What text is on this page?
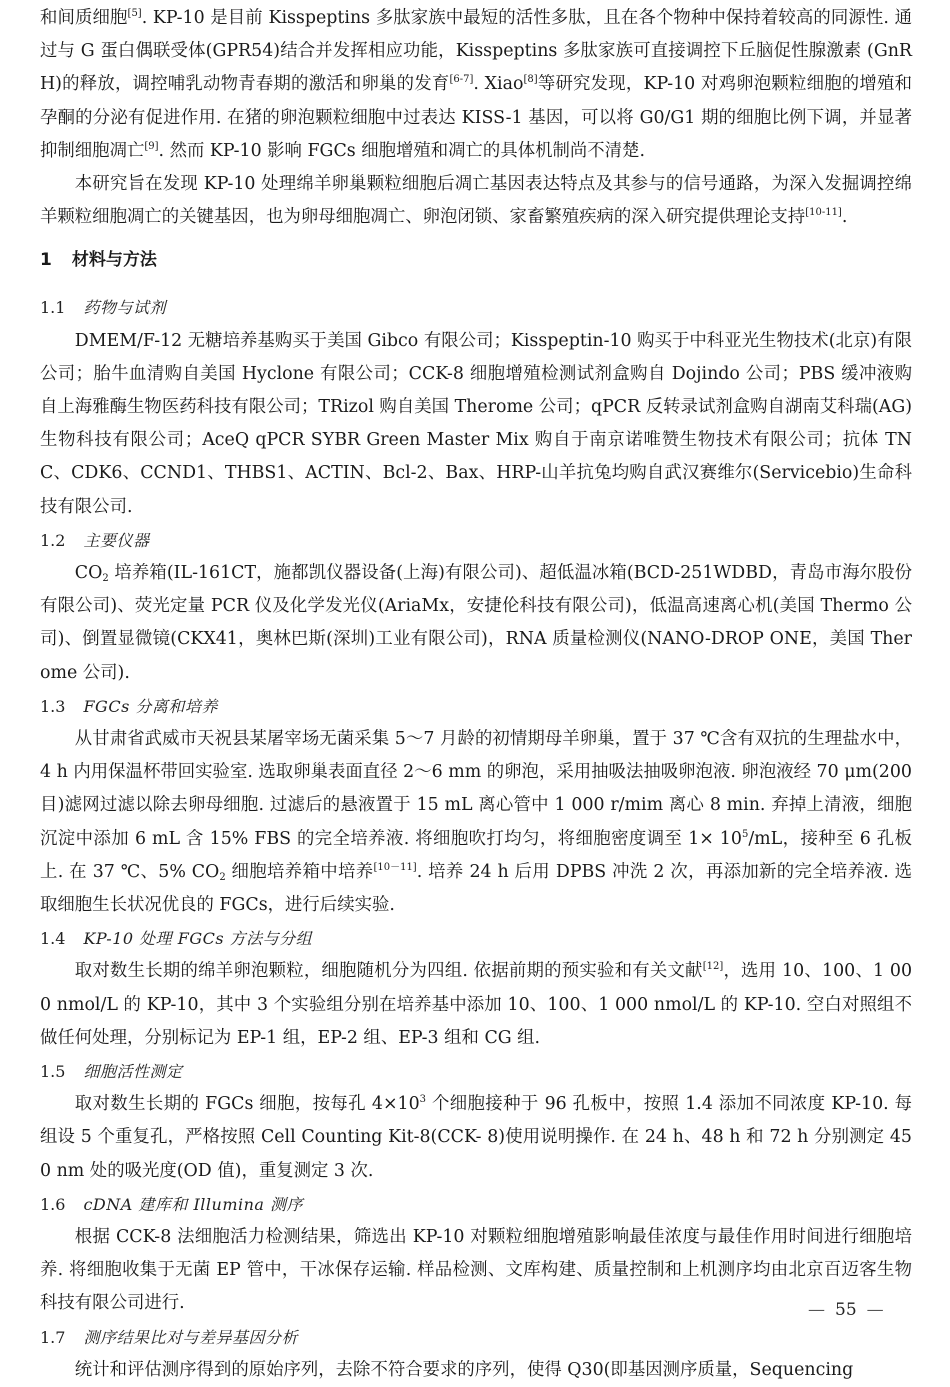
和间质细胞[5]. KP-10 是目前 Kisspeptins 多肽家族中最短的活性多肽，且在各个物种中保持着较高的同源性. 通过与 G 蛋白偶联受体(GPR54)结合并发挥相应功能，Kisspeptins 多肽家族可直接调控下丘脑促性腺激素 (GnRH)的释放，调控哺乳动物青春期的激活和卵巢的发育[6-7]. Xiao[8]等研究发现，KP-10 对鸡卵泡颗粒细胞的增殖和孕酮的分泌有促进作用. 在猪的卵泡颗粒细胞中过表达 KISS-1 基因，可以将 G0/G1 期的细胞比例下调，并显著抑制细胞凋亡[9]. 然而 KP-10 影响 FGCs 细胞增殖和凋亡的具体机制尚不清楚.

本研究旨在发现 KP-10 处理绵羊卵巢颗粒细胞后凋亡基因表达特点及其参与的信号通路，为深入发掘调控绵羊颗粒细胞凋亡的关键基因，也为卵母细胞凋亡、卵泡闭锁、家畜繁殖疾病的深入研究提供理论支持[10-11].

1 材料与方法
1.1 药物与试剂

DMEM/F-12 无糖培养基购买于美国 Gibco 有限公司；Kisspeptin-10 购买于中科亚光生物技术(北京)有限公司；胎牛血清购自美国 Hyclone 有限公司；CCK-8 细胞增殖检测试剂盒购自 Dojindo 公司；PBS 缓冲液购自上海雅酶生物医药科技有限公司；TRizol 购自美国 Therome 公司；qPCR 反转录试剂盒购自湖南艾科瑞(AG)生物科技有限公司；AceQ qPCR SYBR Green Master Mix 购自于南京诺唯赞生物技术有限公司；抗体 TNC、CDK6、CCND1、THBS1、ACTIN、Bcl-2、Bax、HRP-山羊抗兔均购自武汉赛维尔(Servicebio)生命科技有限公司.

1.2 主要仪器

$CO_2$ 培养箱(IL-161CT，施都凯仪器设备(上海)有限公司)、超低温冰箱(BCD-251WDBD，青岛市海尔股份有限公司)、荧光定量 PCR 仪及化学发光仪(AriaMx，安捷伦科技有限公司)，低温高速离心机(美国 Thermo 公司)、倒置显微镜(CKX41，奥林巴斯(深圳)工业有限公司)，RNA 质量检测仪(NANO-DROP ONE，美国 Therome 公司).

1.3 FGCs 分离和培养

从甘肃省武威市天祝县某屠宰场无菌采集 5～7 月龄的初情期母羊卵巢，置于 37 ℃含有双抗的生理盐水中，4 h 内用保温杯带回实验室. 选取卵巢表面直径 2～6 mm 的卵泡，采用抽吸法抽吸卵泡液. 卵泡液经 70 μm(200 目)滤网过滤以除去卵母细胞. 过滤后的悬液置于 15 mL 离心管中 1 000 r/mim 离心 8 min. 弃掉上清液，细胞沉淀中添加 6 mL 含 15% FBS 的完全培养液. 将细胞吹打均匀，将细胞密度调至 $1\times 10^5/mL$，接种至 6 孔板上. 在 37 ℃、5% $CO_2$ 细胞培养箱中培养[10－11]. 培养 24 h 后用 DPBS 冲洗 2 次，再添加新的完全培养液. 选取细胞生长状况优良的 FGCs，进行后续实验.

1.4 KP-10 处理 FGCs 方法与分组

取对数生长期的绵羊卵泡颗粒，细胞随机分为四组. 依据前期的预实验和有关文献[12]，选用 10、100、1 000 nmol/L 的 KP-10，其中 3 个实验组分别在培养基中添加 10、100、1 000 nmol/L 的 KP-10. 空白对照组不做任何处理，分别标记为 EP-1 组，EP-2 组、EP-3 组和 CG 组.

1.5 细胞活性测定

取对数生长期的 FGCs 细胞，按每孔 $4\times 10^3$ 个细胞接种于 96 孔板中，按照 1.4 添加不同浓度 KP-10. 每组设 5 个重复孔，严格按照 Cell Counting Kit-8(CCK- 8)使用说明操作. 在 24 h、48 h 和 72 h 分别测定 450 nm 处的吸光度(OD 值)，重复测定 3 次.

1.6 cDNA 建库和 Illumina 测序

根据 CCK-8 法细胞活力检测结果，筛选出 KP-10 对颗粒细胞增殖影响最佳浓度与最佳作用时间进行细胞培养. 将细胞收集于无菌 EP 管中，干冰保存运输. 样品检测、文库构建、质量控制和上机测序均由北京百迈客生物科技有限公司进行.

1.7 测序结果比对与差异基因分析

统计和评估测序得到的原始序列，去除不符合要求的序列，使得 Q30(即基因测序质量，Sequencing

— 55 —
